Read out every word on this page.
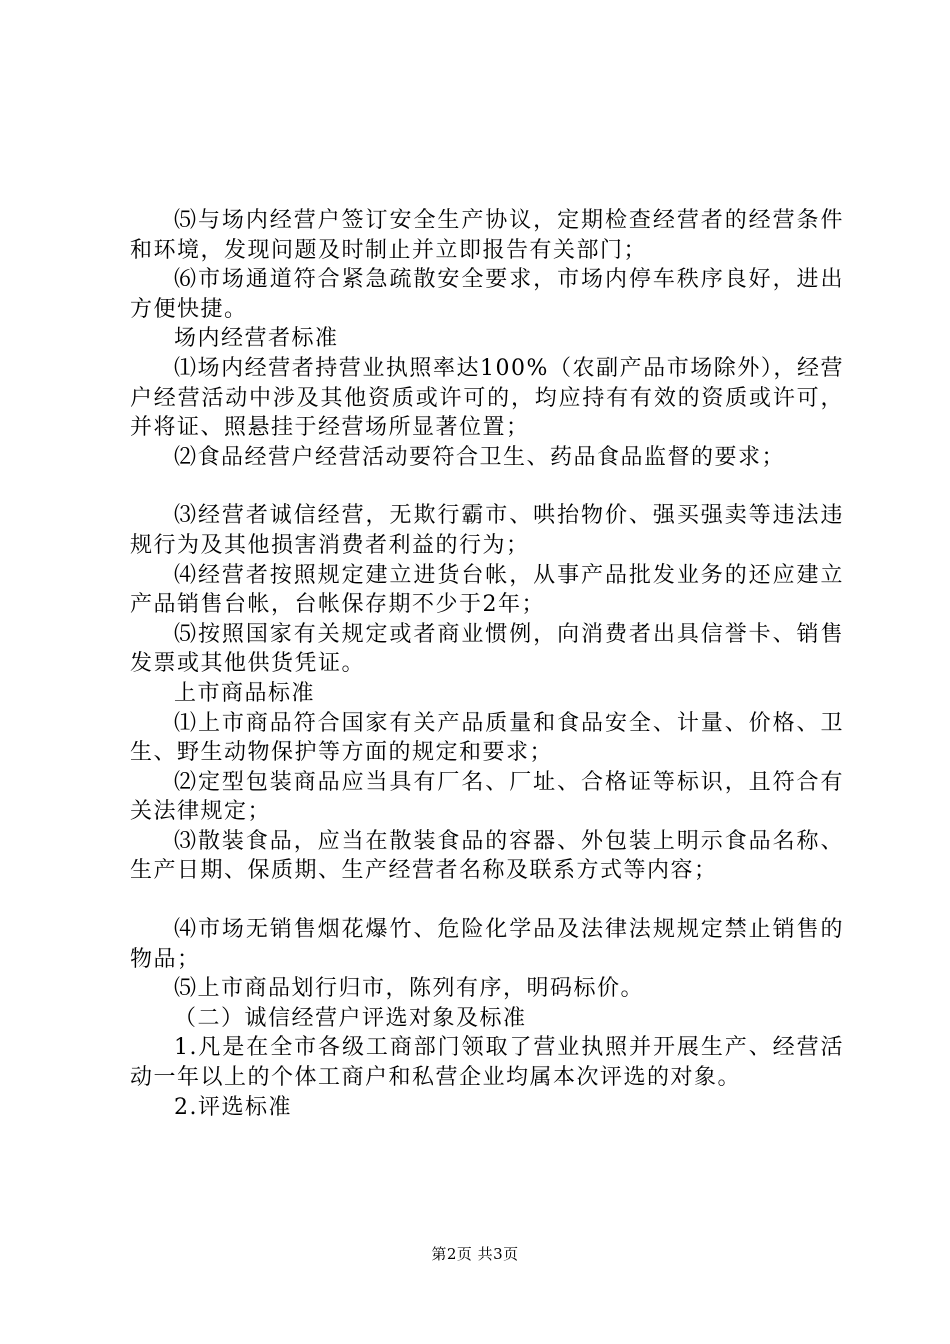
⑸与场内经营户签订安全生产协议，定期检查经营者的经营条件和环境，发现问题及时制止并立即报告有关部门；

⑹市场通道符合紧急疏散安全要求，市场内停车秩序良好，进出方便快捷。

场内经营者标准

⑴场内经营者持营业执照率达100%（农副产品市场除外），经营户经营活动中涉及其他资质或许可的，均应持有有效的资质或许可，并将证、照悬挂于经营场所显著位置；

⑵食品经营户经营活动要符合卫生、药品食品监督的要求；

⑶经营者诚信经营，无欺行霸市、哄抬物价、强买强卖等违法违规行为及其他损害消费者利益的行为；

⑷经营者按照规定建立进货台帐，从事产品批发业务的还应建立产品销售台帐，台帐保存期不少于2年；

⑸按照国家有关规定或者商业惯例，向消费者出具信誉卡、销售发票或其他供货凭证。

上市商品标准

⑴上市商品符合国家有关产品质量和食品安全、计量、价格、卫生、野生动物保护等方面的规定和要求；

⑵定型包装商品应当具有厂名、厂址、合格证等标识，且符合有关法律规定；

⑶散装食品，应当在散装食品的容器、外包装上明示食品名称、生产日期、保质期、生产经营者名称及联系方式等内容；

⑷市场无销售烟花爆竹、危险化学品及法律法规规定禁止销售的物品；

⑸上市商品划行归市，陈列有序，明码标价。

（二）诚信经营户评选对象及标准

1.凡是在全市各级工商部门领取了营业执照并开展生产、经营活动一年以上的个体工商户和私营企业均属本次评选的对象。

2.评选标准

第2页 共3页
